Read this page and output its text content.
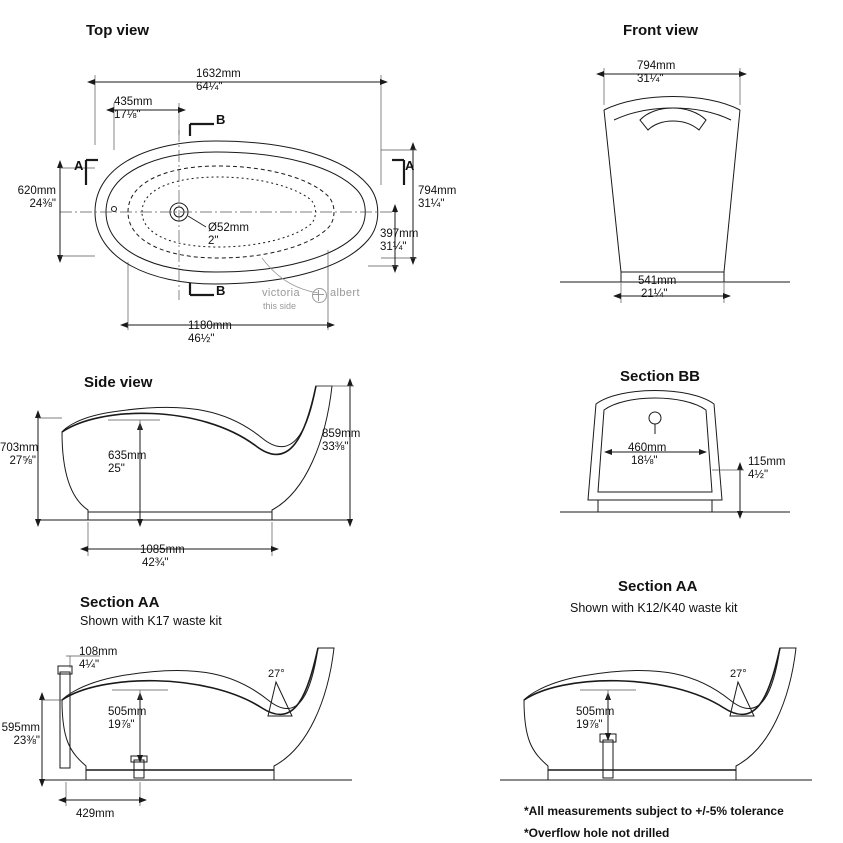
Top view	Front view
Side view	Section BB
Section AA
Shown with K17 waste kit
Section AA
Shown with K12/K40 waste kit
1632mm
64¼"
435mm
17⅛"
620mm
24⅜"
794mm
31¼"
397mm
31¼"
Ø52mm
2"
1180mm
46½"
A	A
B
B	victoria	albert
this side
794mm
31¼"
541mm
21¼"
703mm
27⅝"	635mm
25"
859mm
33⅜"
1085mm
42¾"
460mm
18⅛"	115mm
4½"
108mm
4¼"
505mm
19⅞"
595mm
23⅜"
429mm
27°
505mm
19⅞"
27°
*All measurements subject to +/-5% tolerance
*Overflow hole not drilled
